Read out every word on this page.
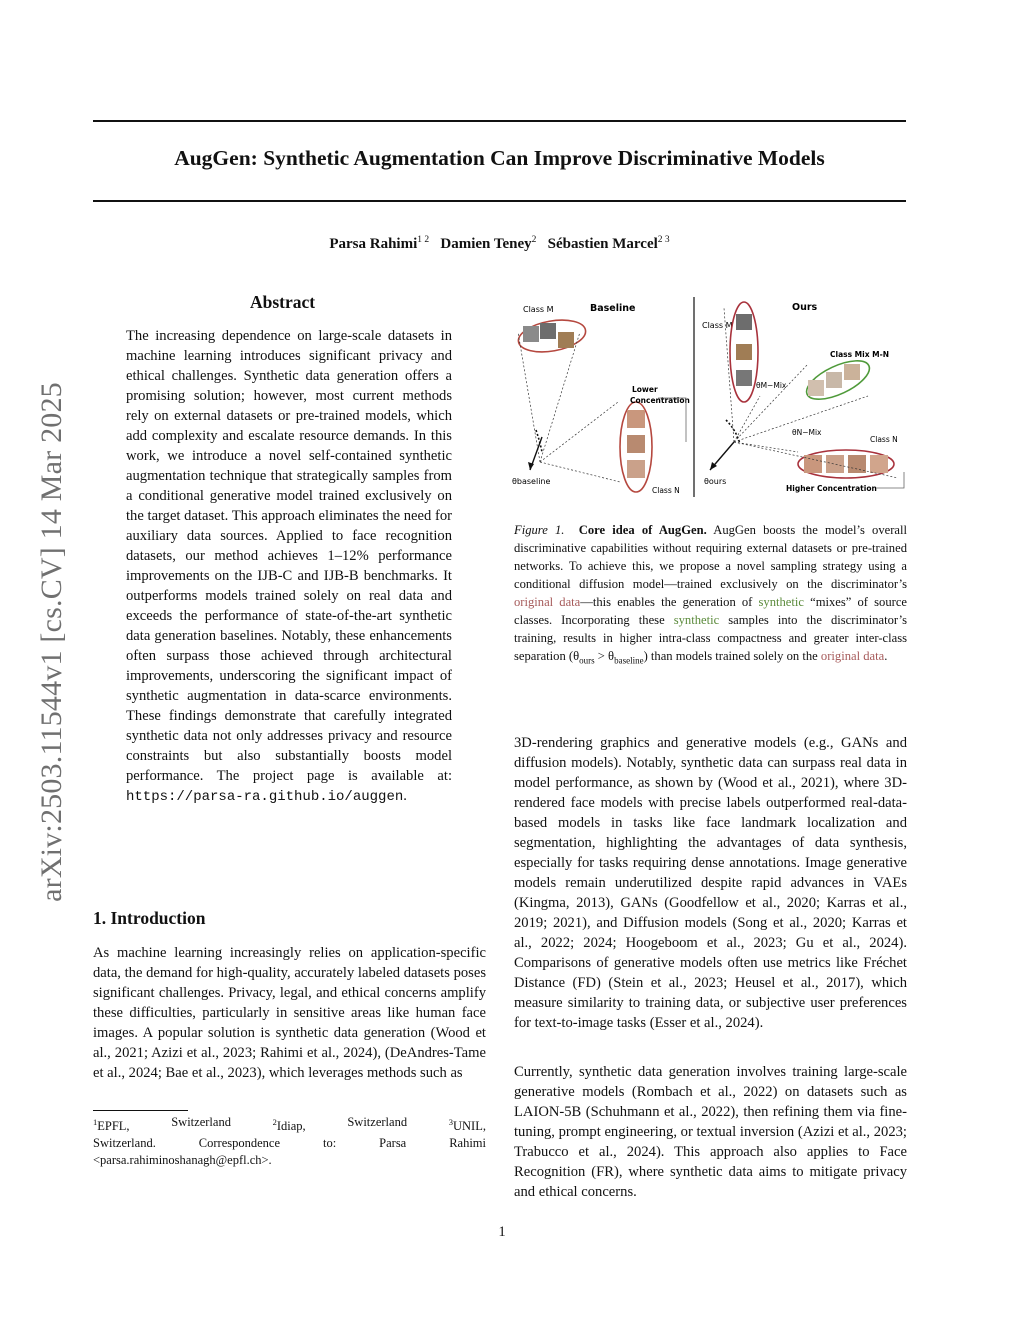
AugGen: Synthetic Augmentation Can Improve Discriminative Models
Parsa Rahimi$^{1 2}$ Damien Teney$^2$ Sébastien Marcel$^{2 3}$
arXiv:2503.11544v1 [cs.CV] 14 Mar 2025
Abstract
The increasing dependence on large-scale datasets in machine learning introduces significant privacy and ethical challenges. Synthetic data generation offers a promising solution; however, most current methods rely on external datasets or pre-trained models, which add complexity and escalate resource demands. In this work, we introduce a novel self-contained synthetic augmentation technique that strategically samples from a conditional generative model trained exclusively on the target dataset. This approach eliminates the need for auxiliary data sources. Applied to face recognition datasets, our method achieves 1–12% performance improvements on the IJB-C and IJB-B benchmarks. It outperforms models trained solely on real data and exceeds the performance of state-of-the-art synthetic data generation baselines. Notably, these enhancements often surpass those achieved through architectural improvements, underscoring the significant impact of synthetic augmentation in data-scarce environments. These findings demonstrate that carefully integrated synthetic data not only addresses privacy and resource constraints but also substantially boosts model performance. The project page is available at: https://parsa-ra.github.io/auggen.
1. Introduction
As machine learning increasingly relies on application-specific data, the demand for high-quality, accurately labeled datasets poses significant challenges. Privacy, legal, and ethical concerns amplify these difficulties, particularly in sensitive areas like human face images. A popular solution is synthetic data generation (Wood et al., 2021; Azizi et al., 2023; Rahimi et al., 2024), (DeAndres-Tame et al., 2024; Bae et al., 2023), which leverages methods such as
$^1$EPFL,	Switzerland	$^2$Idiap,	Switzerland	$^3$UNIL,
Switzerland. Correspondence to: Parsa Rahimi <parsa.rahiminoshanagh@epfl.ch>.
Class M	Baseline
θbaseline
Lower
Concentration
Class N
Ours
Class M
Class Mix M-N
θM−Mix
θN−Mix
Class N
Higher Concentration
θours
Figure 1. Core idea of AugGen. AugGen boosts the model’s overall discriminative capabilities without requiring external datasets or pre-trained networks. To achieve this, we propose a novel sampling strategy using a conditional diffusion model—trained exclusively on the discriminator’s original data—this enables the generation of synthetic “mixes” of source classes. Incorporating these synthetic samples into the discriminator’s training, results in higher intra-class compactness and greater inter-class separation $(\theta_{ours} > \theta_{baseline})$ than models trained solely on the original data.
3D-rendering graphics and generative models (e.g., GANs and diffusion models). Notably, synthetic data can surpass real data in model performance, as shown by (Wood et al., 2021), where 3D-rendered face models with precise labels outperformed real-data-based models in tasks like face landmark localization and segmentation, highlighting the advantages of data synthesis, especially for tasks requiring dense annotations. Image generative models remain underutilized despite rapid advances in VAEs (Kingma, 2013), GANs (Goodfellow et al., 2020; Karras et al., 2019; 2021), and Diffusion models (Song et al., 2020; Karras et al., 2022; 2024; Hoogeboom et al., 2023; Gu et al., 2024). Comparisons of generative models often use metrics like Fréchet Distance (FD) (Stein et al., 2023; Heusel et al., 2017), which measure similarity to training data, or subjective user preferences for text-to-image tasks (Esser et al., 2024).
Currently, synthetic data generation involves training large-scale generative models (Rombach et al., 2022) on datasets such as LAION-5B (Schuhmann et al., 2022), then refining them via fine-tuning, prompt engineering, or textual inversion (Azizi et al., 2023; Trabucco et al., 2024). This approach also applies to Face Recognition (FR), where synthetic data aims to mitigate privacy and ethical concerns.
1
